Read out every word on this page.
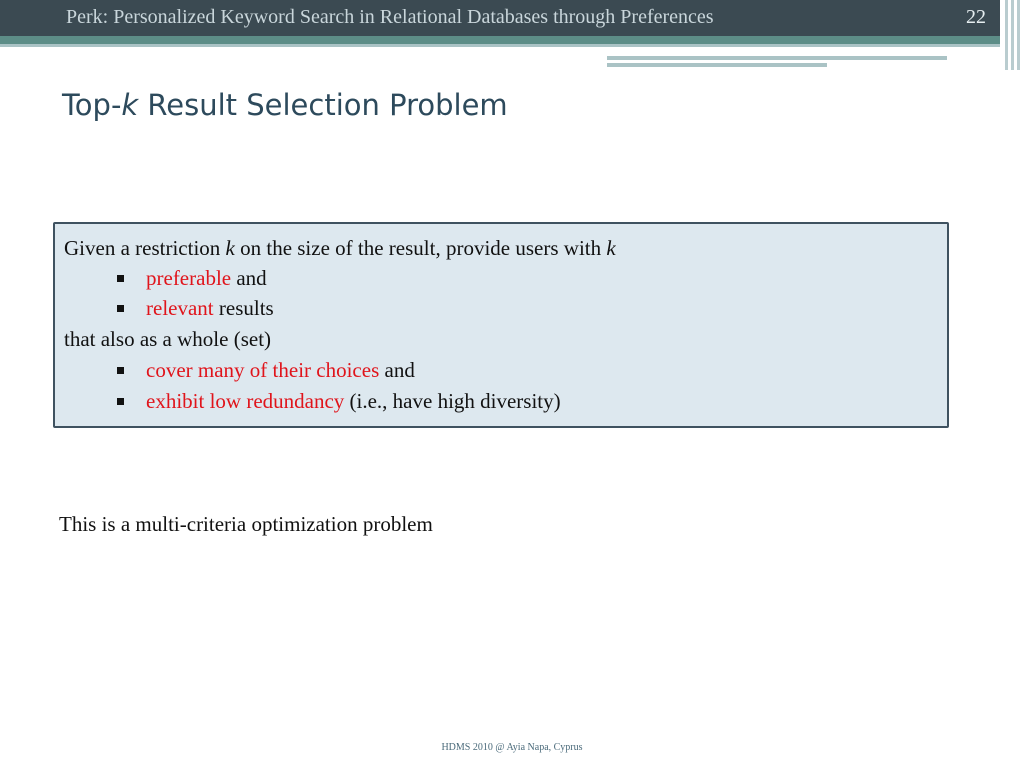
Perk: Personalized Keyword Search in Relational Databases through Preferences	22
Top-k Result Selection Problem
Given a restriction k on the size of the result, provide users with k
preferable and
relevant results
that also as a whole (set)
cover many of their choices and
exhibit low redundancy (i.e., have high diversity)
This is a multi-criteria optimization problem
HDMS 2010 @ Ayia Napa, Cyprus
